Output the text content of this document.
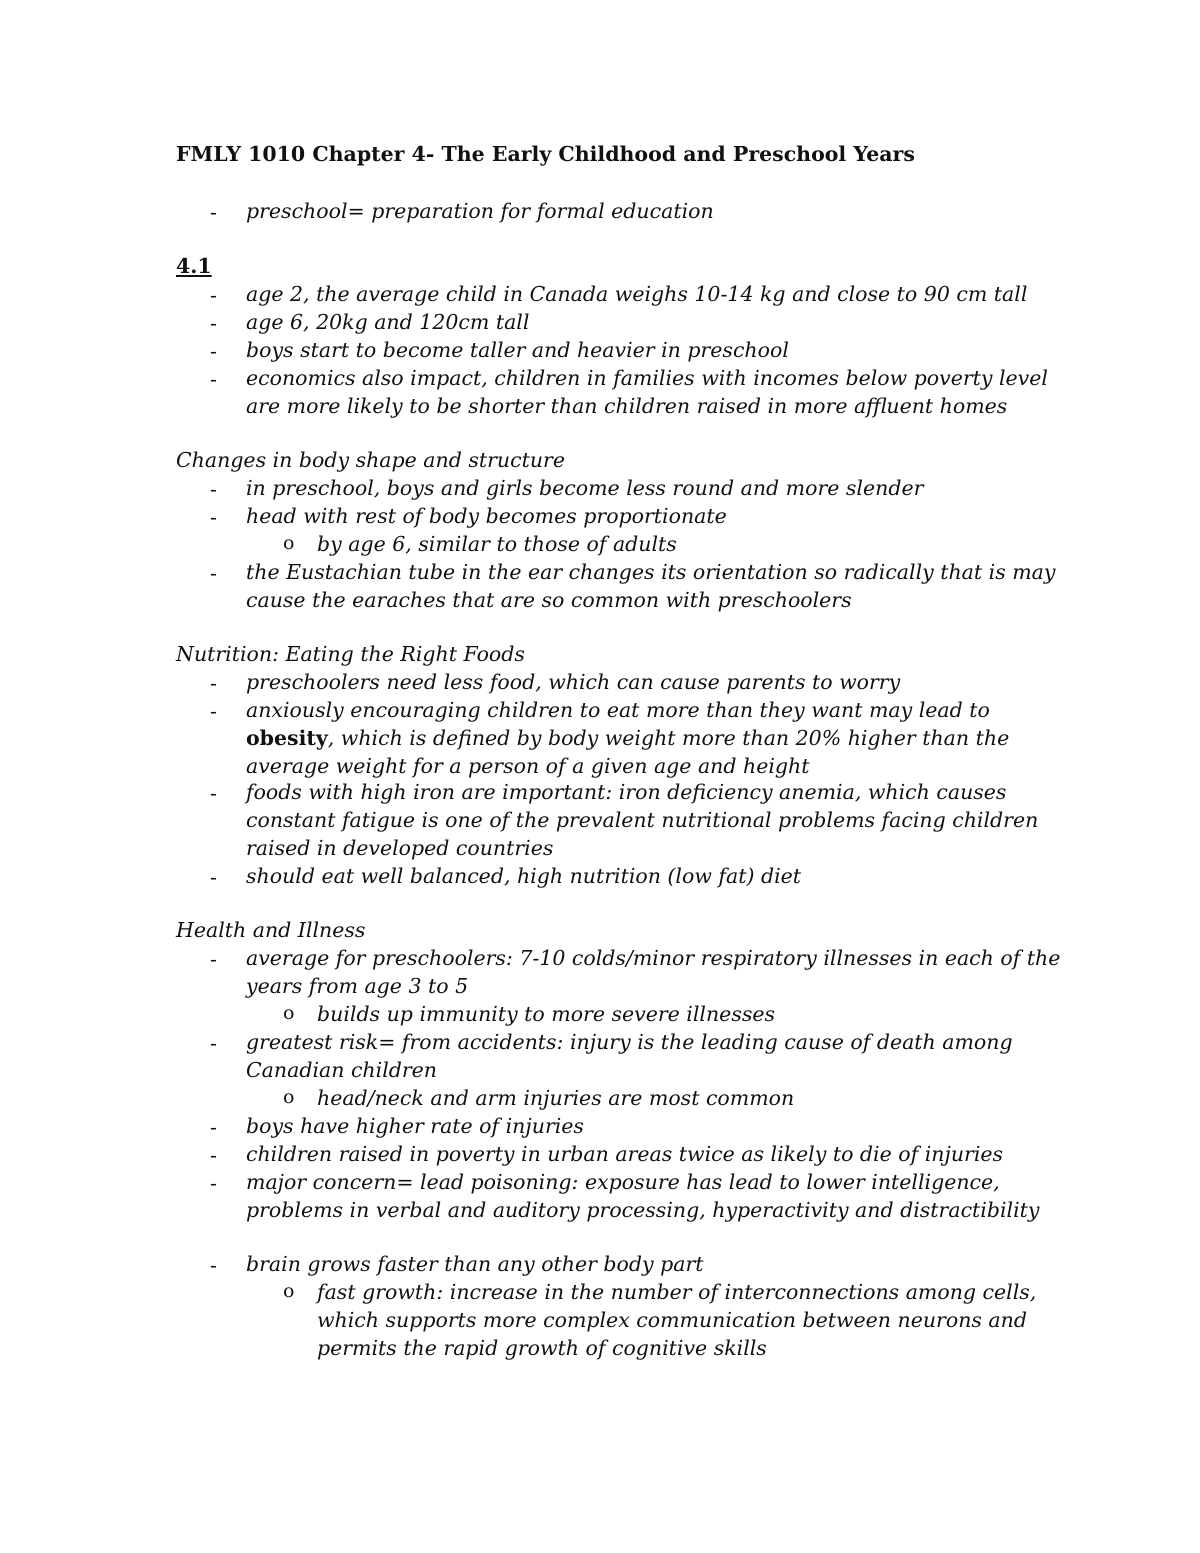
FMLY 1010 Chapter 4- The Early Childhood and Preschool Years
- preschool= preparation for formal education
4.1
- age 2, the average child in Canada weighs 10-14 kg and close to 90 cm tall
- age 6, 20kg and 120cm tall
- boys start to become taller and heavier in preschool
- economics also impact, children in families with incomes below poverty level
are more likely to be shorter than children raised in more affluent homes
Changes in body shape and structure
- in preschool, boys and girls become less round and more slender
- head with rest of body becomes proportionate
o by age 6, similar to those of adults
- the Eustachian tube in the ear changes its orientation so radically that is may
cause the earaches that are so common with preschoolers
Nutrition: Eating the Right Foods
- preschoolers need less food, which can cause parents to worry
- anxiously encouraging children to eat more than they want may lead to
obesity, which is defined by body weight more than 20% higher than the
average weight for a person of a given age and height
- foods with high iron are important: iron deficiency anemia, which causes
constant fatigue is one of the prevalent nutritional problems facing children
raised in developed countries
- should eat well balanced, high nutrition (low fat) diet
Health and Illness
- average for preschoolers: 7-10 colds/minor respiratory illnesses in each of the
years from age 3 to 5
o builds up immunity to more severe illnesses
- greatest risk= from accidents: injury is the leading cause of death among
Canadian children
o head/neck and arm injuries are most common
- boys have higher rate of injuries
- children raised in poverty in urban areas twice as likely to die of injuries
- major concern= lead poisoning: exposure has lead to lower intelligence,
problems in verbal and auditory processing, hyperactivity and distractibility
- brain grows faster than any other body part
o fast growth: increase in the number of interconnections among cells,
which supports more complex communication between neurons and
permits the rapid growth of cognitive skills
